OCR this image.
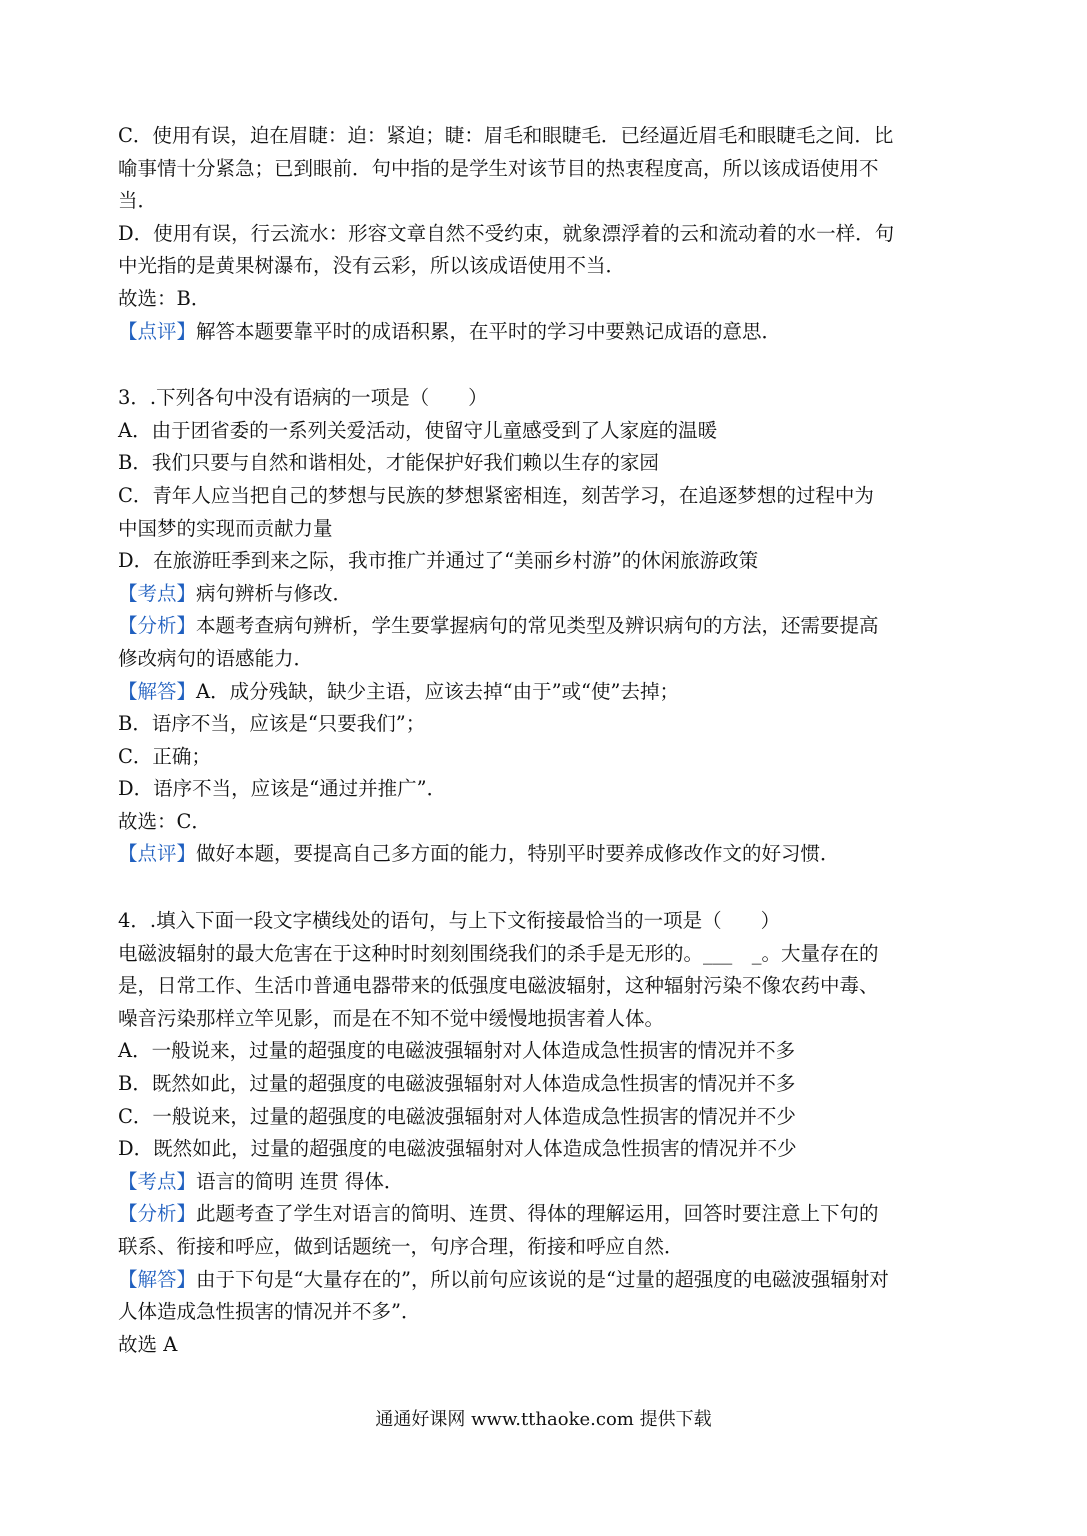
C．使用有误，迫在眉睫：迫：紧迫；睫：眉毛和眼睫毛．已经逼近眉毛和眼睫毛之间．比
喻事情十分紧急；已到眼前．句中指的是学生对该节目的热衷程度高，所以该成语使用不
当．
D．使用有误，行云流水：形容文章自然不受约束，就象漂浮着的云和流动着的水一样．句
中光指的是黄果树瀑布，没有云彩，所以该成语使用不当．
故选：B．
【点评】解答本题要靠平时的成语积累，在平时的学习中要熟记成语的意思．
3．.下列各句中没有语病的一项是（　　）
A．由于团省委的一系列关爱活动，使留守儿童感受到了人家庭的温暖
B．我们只要与自然和谐相处，才能保护好我们赖以生存的家园
C．青年人应当把自己的梦想与民族的梦想紧密相连，刻苦学习，在追逐梦想的过程中为
中国梦的实现而贡献力量
D．在旅游旺季到来之际，我市推广并通过了“美丽乡村游”的休闲旅游政策
【考点】病句辨析与修改．
【分析】本题考查病句辨析，学生要掌握病句的常见类型及辨识病句的方法，还需要提高
修改病句的语感能力．
【解答】A．成分残缺，缺少主语，应该去掉“由于”或“使”去掉；
B．语序不当，应该是“只要我们”；
C．正确；
D．语序不当，应该是“通过并推广”．
故选：C．
【点评】做好本题，要提高自己多方面的能力，特别平时要养成修改作文的好习惯．
4．.填入下面一段文字横线处的语句，与上下文衔接最恰当的一项是（　　）
电磁波辐射的最大危害在于这种时时刻刻围绕我们的杀手是无形的。___　_。大量存在的
是，日常工作、生活巾普通电器带来的低强度电磁波辐射，这种辐射污染不像农药中毒、
噪音污染那样立竿见影，而是在不知不觉中缓慢地损害着人体。
A．一般说来，过量的超强度的电磁波强辐射对人体造成急性损害的情况并不多
B．既然如此，过量的超强度的电磁波强辐射对人体造成急性损害的情况并不多
C．一般说来，过量的超强度的电磁波强辐射对人体造成急性损害的情况并不少
D．既然如此，过量的超强度的电磁波强辐射对人体造成急性损害的情况并不少
【考点】语言的简明 连贯 得体．
【分析】此题考查了学生对语言的简明、连贯、得体的理解运用，回答时要注意上下句的
联系、衔接和呼应，做到话题统一，句序合理，衔接和呼应自然．
【解答】由于下句是“大量存在的”，所以前句应该说的是“过量的超强度的电磁波强辐射对
人体造成急性损害的情况并不多”．
故选 A
通通好课网 www.tthaoke.com 提供下载
